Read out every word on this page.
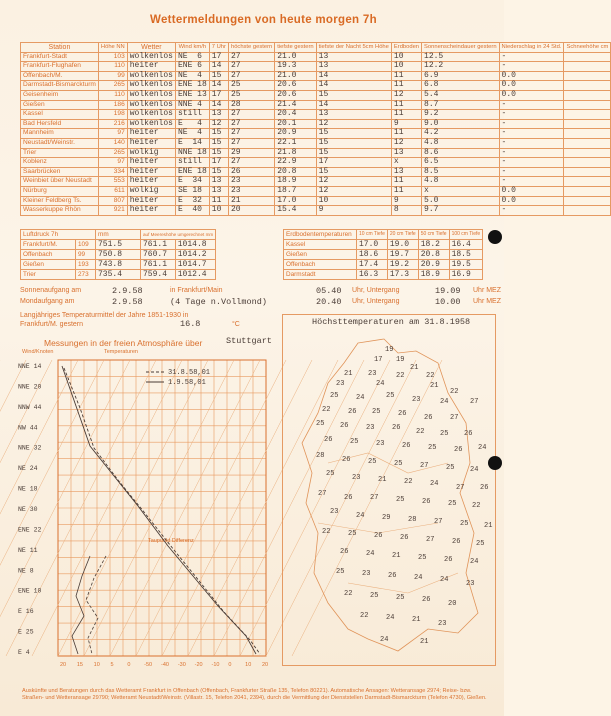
Wettermeldungen von heute morgen 7h
Station	Höhe NN	Wetter	Wind km/h	7 Uhr	höchste gestern	tiefste gestern	tiefste der Nacht 5cm Höhe	Erdboden	Sonnenscheindauer gestern	Niederschlag in 24 Std.	Schneehöhe cm
Frankfurt-Stadt	103	wolkenlos	NE  6	17	27	21.0	13	10	12.5	-	
Frankfurt-Flughafen	110	heiter	ENE 6	14	27	19.3	13	10	12.2	-	
Offenbach/M.	99	wolkenlos	NE  4	15	27	21.0	14	11	6.9	0.0	
Darmstadt-Bismarckturm	265	wolkenlos	ENE 18	14	25	20.6	14	11	6.8	0.0	
Geisenheim	110	wolkenlos	ENE 13	17	25	20.6	15	12	5.4	0.0	
Gießen	186	wolkenlos	NNE 4	14	28	21.4	14	11	8.7	-	
Kassel	198	wolkenlos	still	13	27	20.4	13	11	9.2	-	
Bad Hersfeld	216	wolkenlos	E   4	12	27	20.1	12	9	9.0	-	
Mannheim	97	heiter	NE  4	15	27	20.9	15	11	4.2	-	
Neustadt/Weinstr.	140	heiter	E  14	15	27	22.1	15	12	4.8	-	
Trier	265	wolkig	NNE 18	15	29	21.8	15	13	8.6	-	
Koblenz	97	heiter	still	17	27	22.9	17	x	6.5	-	
Saarbrücken	334	heiter	ENE 18	15	26	20.8	15	13	8.5	-	
Weinbiet über Neustadt	553	heiter	E  34	13	23	18.9	12	11	4.8	-	
Nürburg	611	wolkig	SE 18	13	23	18.7	12	11	x	0.0	
Kleiner Feldberg Ts.	807	heiter	E  32	11	21	17.0	10	9	5.0	0.0	
Wasserkuppe Rhön	921	heiter	E  40	10	20	15.4	9	8	9.7	-	
Luftdruck 7h		mm	auf Meereshöhe umgerechnet mm	
Frankfurt/M.	109	751.5	761.1	1014.8
Offenbach	99	750.8	760.7	1014.2
Gießen	193	743.8	761.1	1014.7
Trier	273	735.4	759.4	1012.4
Erdbodentemperaturen	10 cm Tiefe	20 cm Tiefe	50 cm Tiefe	100 cm Tiefe
Kassel	17.0	19.0	18.2	16.4
Gießen	18.6	19.7	20.8	18.5
Offenbach	17.4	19.2	20.9	19.5
Darmstadt	16.3	17.3	18.9	16.9
Sonnenaufgang am	2.9.58	in Frankfurt/Main	05.40 Uhr, Untergang	19.09 Uhr MEZ
Mondaufgang am	2.9.58	(4 Tage n.Vollmond)	20.40 Uhr, Untergang	10.00 Uhr MEZ
Langjähriges Temperaturmittel der Jahre 1851-1930 in
Frankfurt/M. gestern	16.8	°C
Messungen in der freien Atmosphäre über	Stuttgart
Wind/Knoten	Temperaturen
NNE 14
NNE 20
NNW 44
NW 44
NNE 32
NE 24
NE 18
NE 30
ENE 22
NE 11
NE 8
ENE 10
E 16
E 25
E 4
20 15 10 5	0	-50 -40 -30 -20 -10 0	10 20
31.8.58,01
1.9.58,01
Taupunkt Differenz
Höchsttemperaturen am 31.8.1958
19
19
17
21
21 23	22	22
23	24	21
22
25	24	25	23	24	27
22	26 25	26	26	27
25 26	23	26 22 25 26
26	25	23	26	25	26 24
28	26	25	25	27	25 24
25	23	21	22	24	27 26
27	26	27	25	26	25 22
23	24	29	28	27	25 21
22	25	26	26	27	26 25
26	24	21	25	26	24
25	23	26	24	24	23
22	25	25	26	20
22	24	21	23
24	21
Auskünfte und Beratungen durch das Wetteramt Frankfurt in Offenbach (Offenbach, Frankfurter Straße 135, Telefon 80221). Automatische Ansagen: Wetteransage 2974; Reise- bzw. Straßen- und Wetteransage 29790; Wetteramt Neustadt/Weinstr. (Villastr. 15, Telefon 2041, 2394), durch die Vermittlung der Dienststellen Darmstadt-Bismarckturm (Telefon 4730), Gießen.
